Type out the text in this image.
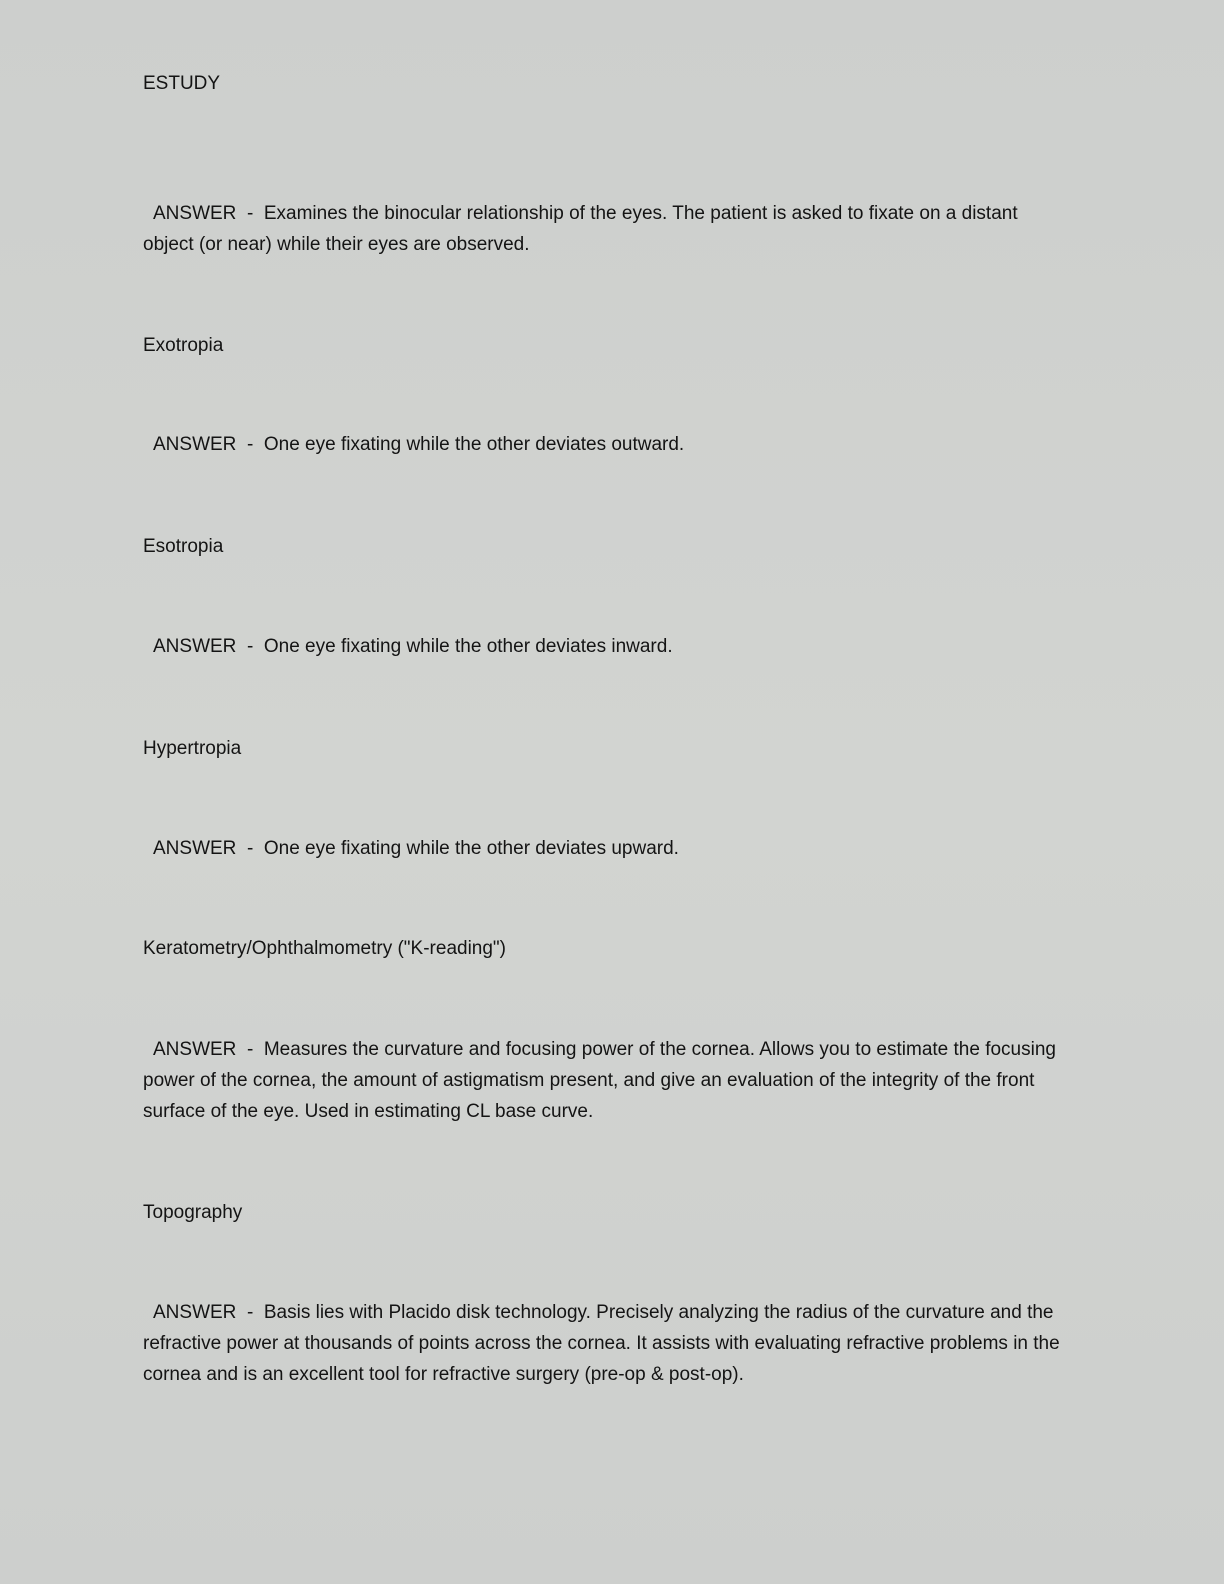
ESTUDY
ANSWER - Examines the binocular relationship of the eyes. The patient is asked to fixate on a distant object (or near) while their eyes are observed.
Exotropia
ANSWER - One eye fixating while the other deviates outward.
Esotropia
ANSWER - One eye fixating while the other deviates inward.
Hypertropia
ANSWER - One eye fixating while the other deviates upward.
Keratometry/Ophthalmometry ("K-reading")
ANSWER - Measures the curvature and focusing power of the cornea. Allows you to estimate the focusing power of the cornea, the amount of astigmatism present, and give an evaluation of the integrity of the front surface of the eye. Used in estimating CL base curve.
Topography
ANSWER - Basis lies with Placido disk technology. Precisely analyzing the radius of the curvature and the refractive power at thousands of points across the cornea. It assists with evaluating refractive problems in the cornea and is an excellent tool for refractive surgery (pre-op & post-op).
